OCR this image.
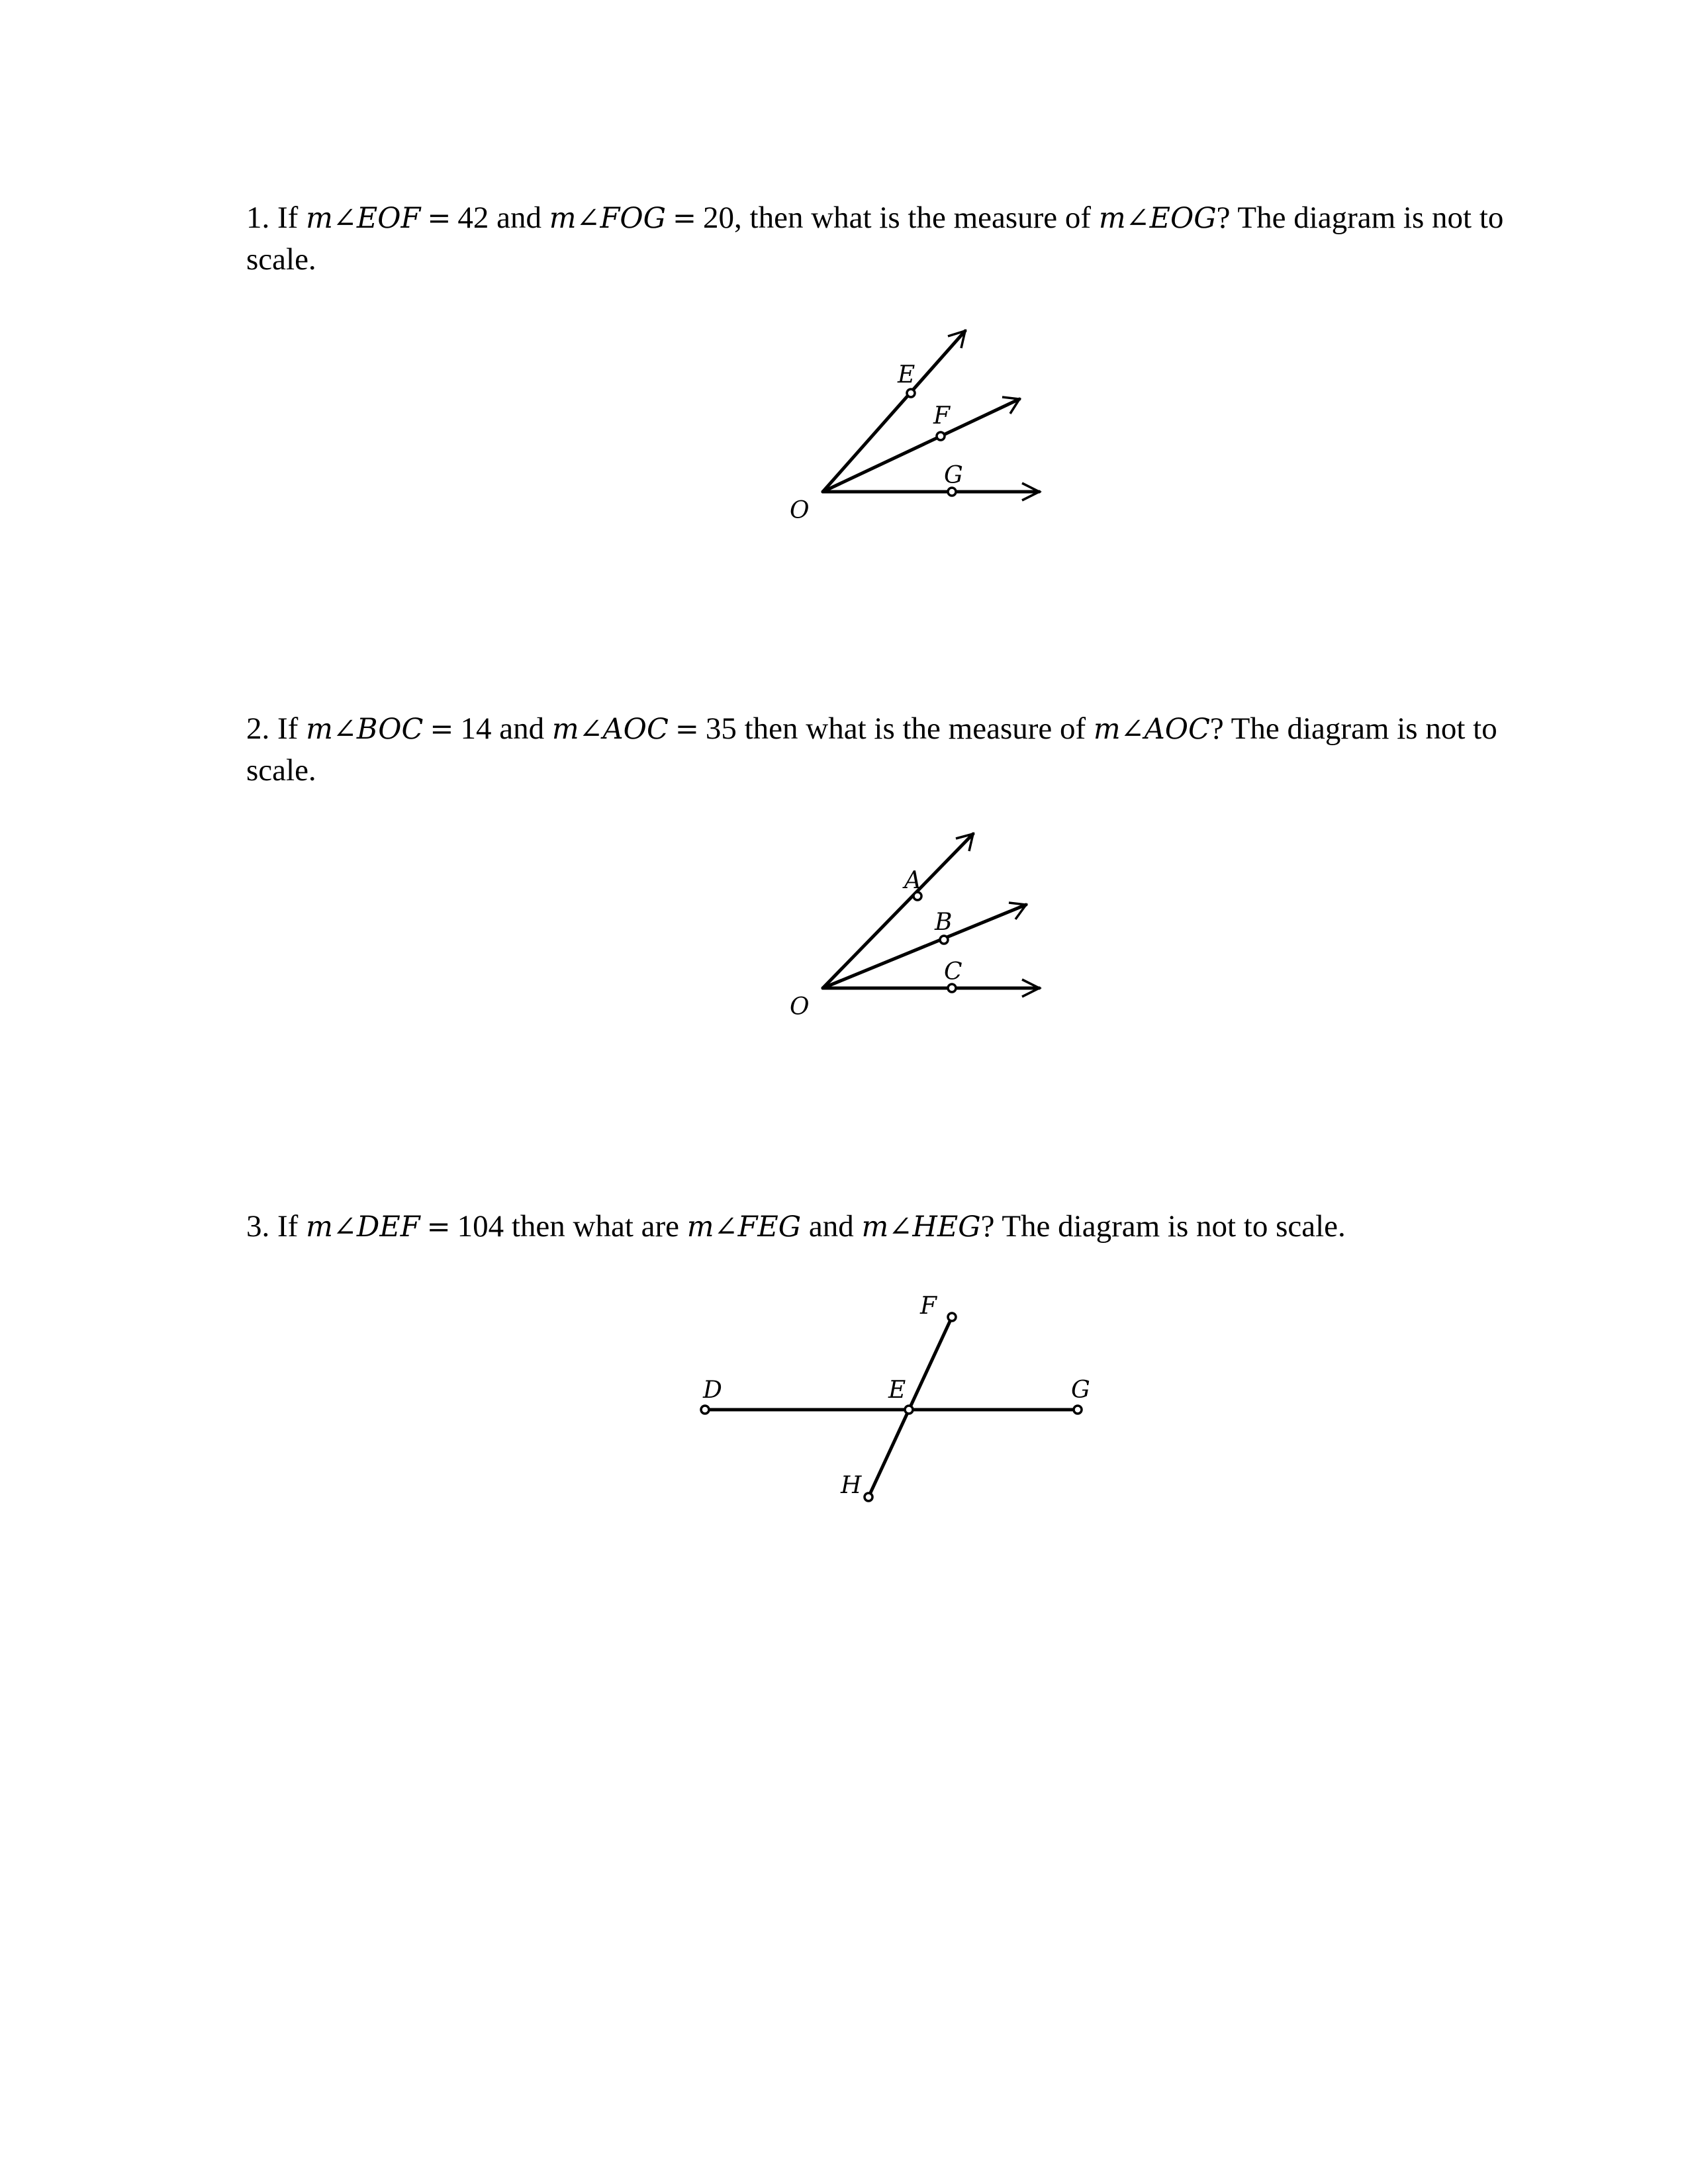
1. If m∠EOF = 42 and m∠FOG = 20, then what is the measure of m∠EOG? The diagram is not to scale.
E
F
G
O
2. If m∠BOC = 14 and m∠AOC = 35 then what is the measure of m∠AOC? The diagram is not to scale.
A
B
C
O
3. If m∠DEF = 104 then what are m∠FEG and m∠HEG? The diagram is not to scale.
D	E	G
F
H
